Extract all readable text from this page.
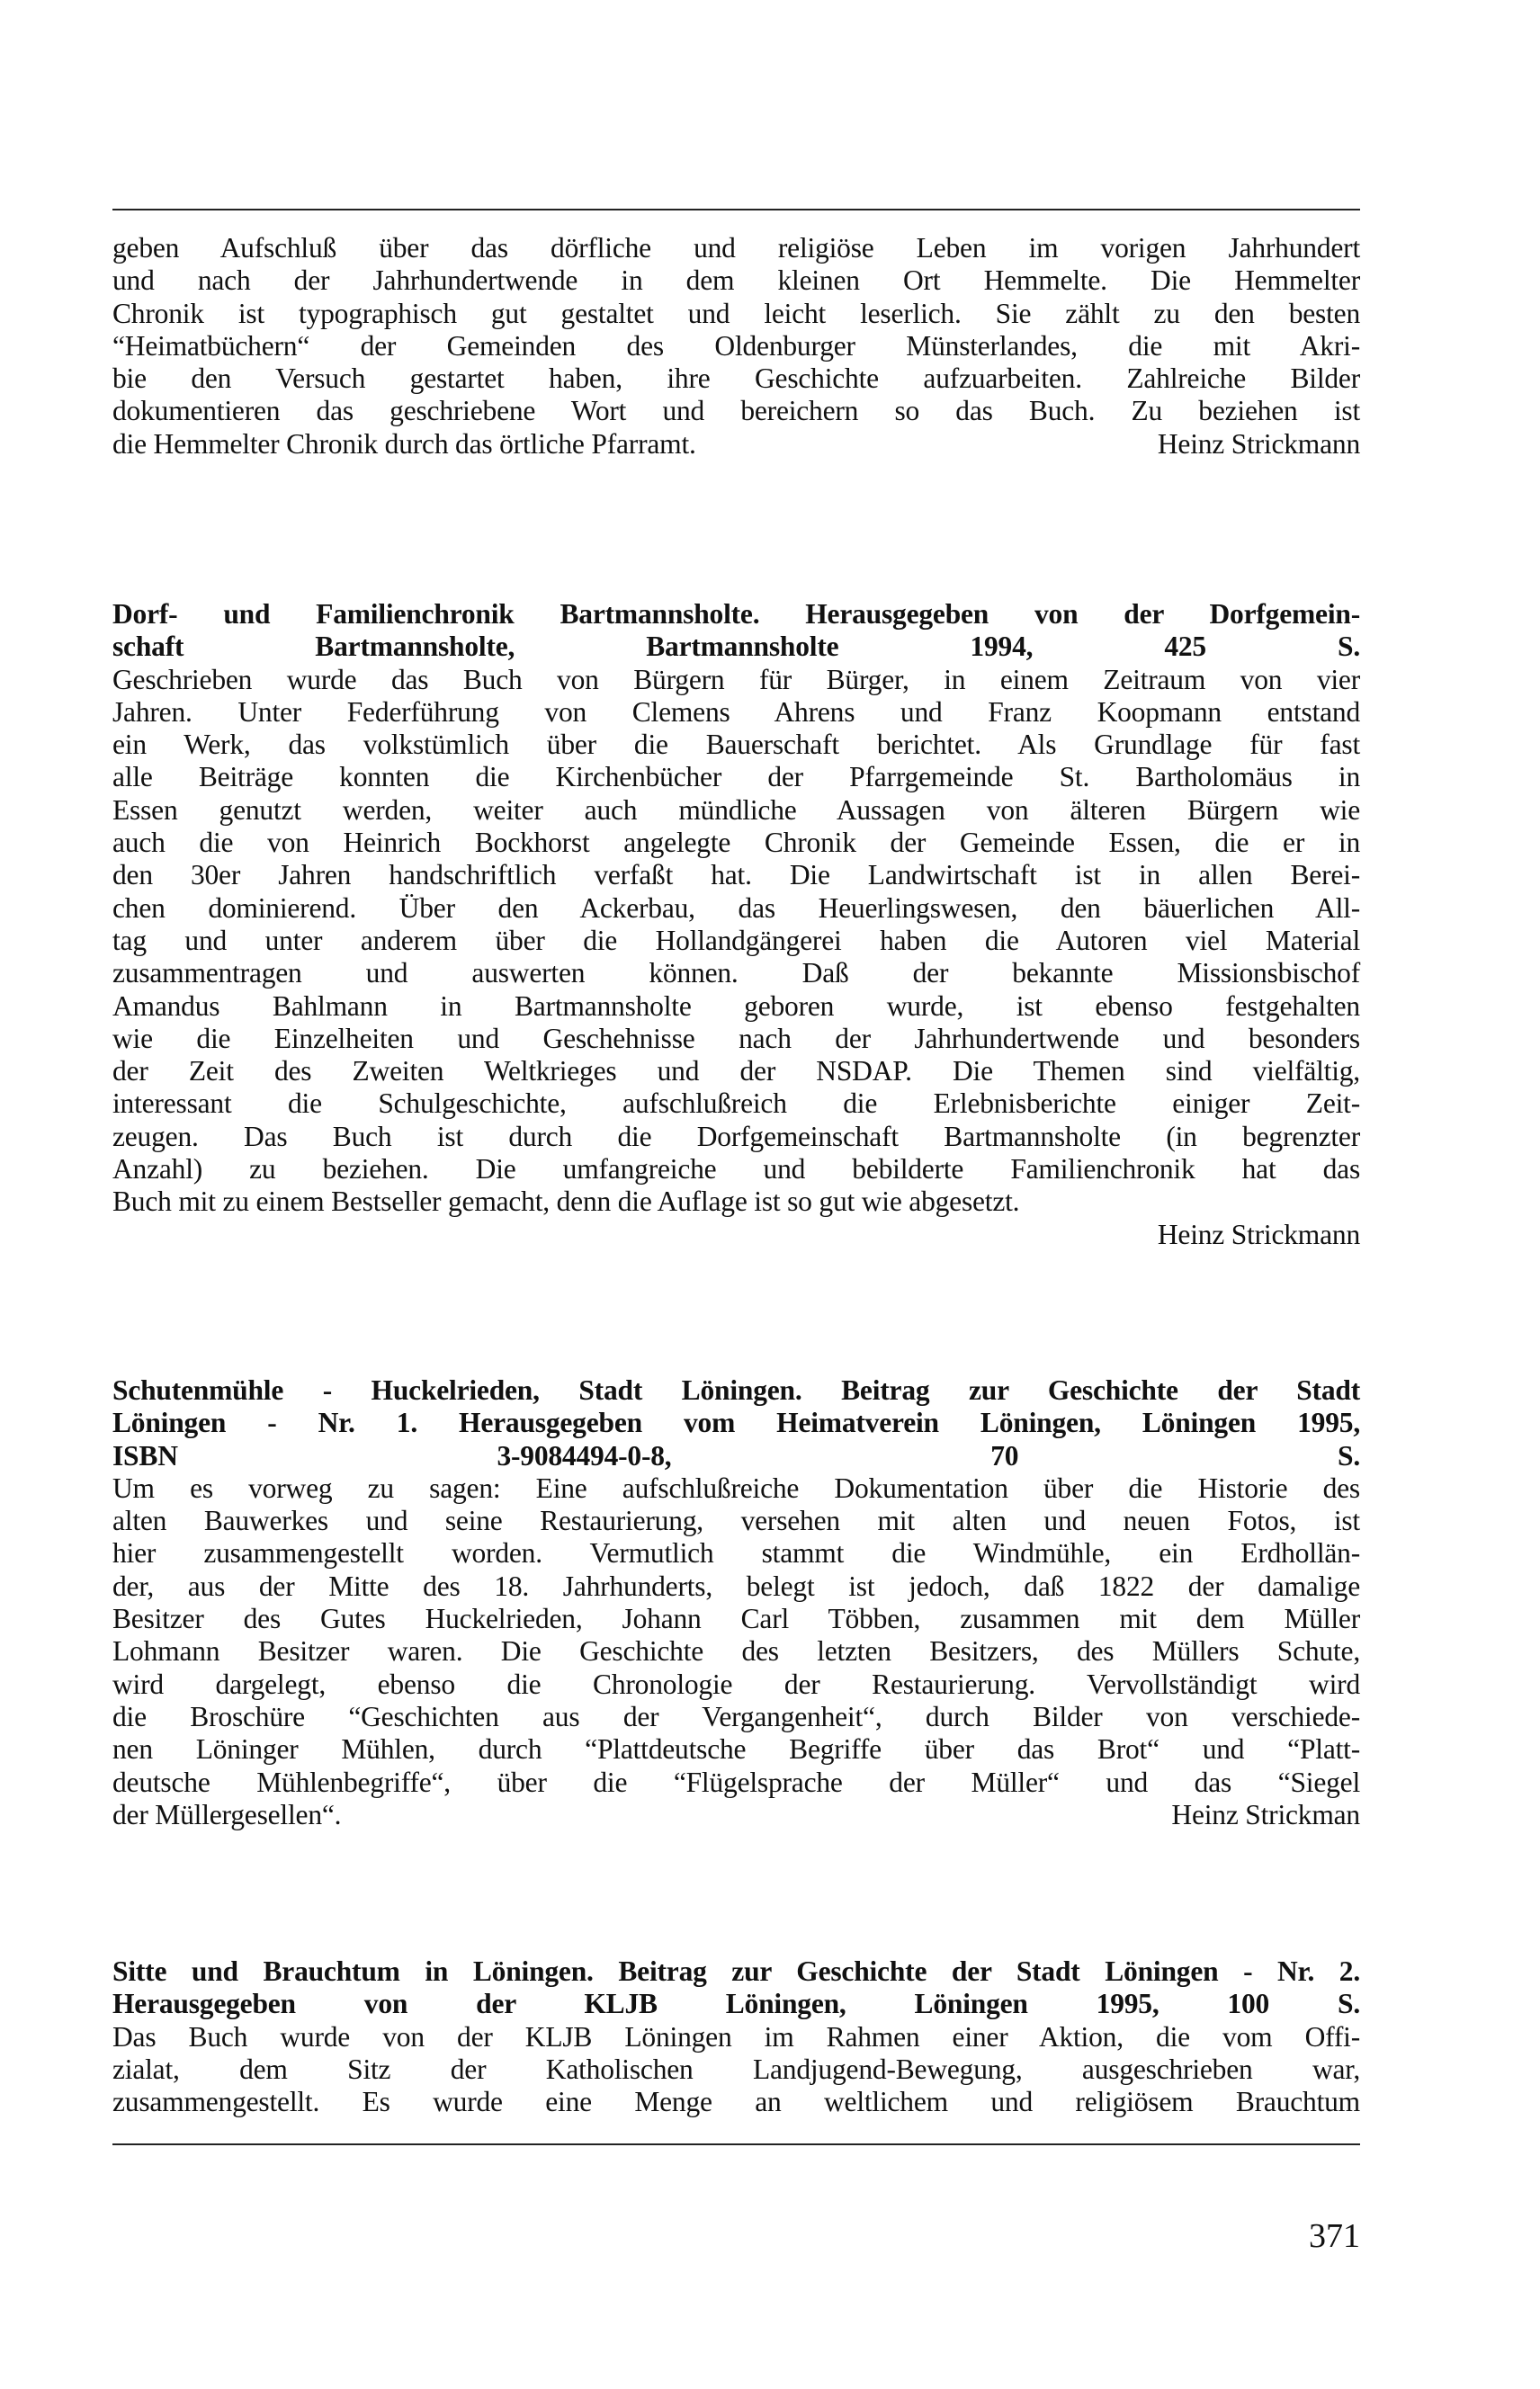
geben Aufschluß über das dörfliche und religiöse Leben im vorigen Jahrhundert
und nach der Jahrhundertwende in dem kleinen Ort Hemmelte. Die Hemmelter
Chronik ist typographisch gut gestaltet und leicht leserlich. Sie zählt zu den besten
“Heimatbüchern“ der Gemeinden des Oldenburger Münsterlandes, die mit Akri-
bie den Versuch gestartet haben, ihre Geschichte aufzuarbeiten. Zahlreiche Bilder
dokumentieren das geschriebene Wort und bereichern so das Buch. Zu beziehen ist
die Hemmelter Chronik durch das örtliche Pfarramt.	Heinz Strickmann
Dorf- und Familienchronik Bartmannsholte. Herausgegeben von der Dorfgemein-
schaft Bartmannsholte, Bartmannsholte 1994, 425 S.
Geschrieben wurde das Buch von Bürgern für Bürger, in einem Zeitraum von vier
Jahren. Unter Federführung von Clemens Ahrens und Franz Koopmann entstand
ein Werk, das volkstümlich über die Bauerschaft berichtet. Als Grundlage für fast
alle Beiträge konnten die Kirchenbücher der Pfarrgemeinde St. Bartholomäus in
Essen genutzt werden, weiter auch mündliche Aussagen von älteren Bürgern wie
auch die von Heinrich Bockhorst angelegte Chronik der Gemeinde Essen, die er in
den 30er Jahren handschriftlich verfaßt hat. Die Landwirtschaft ist in allen Berei-
chen dominierend. Über den Ackerbau, das Heuerlingswesen, den bäuerlichen All-
tag und unter anderem über die Hollandgängerei haben die Autoren viel Material
zusammentragen und auswerten können. Daß der bekannte Missionsbischof
Amandus Bahlmann in Bartmannsholte geboren wurde, ist ebenso festgehalten
wie die Einzelheiten und Geschehnisse nach der Jahrhundertwende und besonders
der Zeit des Zweiten Weltkrieges und der NSDAP. Die Themen sind vielfältig,
interessant die Schulgeschichte, aufschlußreich die Erlebnisberichte einiger Zeit-
zeugen. Das Buch ist durch die Dorfgemeinschaft Bartmannsholte (in begrenzter
Anzahl) zu beziehen. Die umfangreiche und bebilderte Familienchronik hat das
Buch mit zu einem Bestseller gemacht, denn die Auflage ist so gut wie abgesetzt.
Heinz Strickmann
Schutenmühle - Huckelrieden, Stadt Löningen. Beitrag zur Geschichte der Stadt
Löningen - Nr. 1. Herausgegeben vom Heimatverein Löningen, Löningen 1995,
ISBN 3-9084494-0-8, 70 S.
Um es vorweg zu sagen: Eine aufschlußreiche Dokumentation über die Historie des
alten Bauwerkes und seine Restaurierung, versehen mit alten und neuen Fotos, ist
hier zusammengestellt worden. Vermutlich stammt die Windmühle, ein Erdhollän-
der, aus der Mitte des 18. Jahrhunderts, belegt ist jedoch, daß 1822 der damalige
Besitzer des Gutes Huckelrieden, Johann Carl Többen, zusammen mit dem Müller
Lohmann Besitzer waren. Die Geschichte des letzten Besitzers, des Müllers Schute,
wird dargelegt, ebenso die Chronologie der Restaurierung. Vervollständigt wird
die Broschüre “Geschichten aus der Vergangenheit“, durch Bilder von verschiede-
nen Löninger Mühlen, durch “Plattdeutsche Begriffe über das Brot“ und “Platt-
deutsche Mühlenbegriffe“, über die “Flügelsprache der Müller“ und das “Siegel
der Müllergesellen“.	Heinz Strickman
Sitte und Brauchtum in Löningen. Beitrag zur Geschichte der Stadt Löningen - Nr. 2.
Herausgegeben von der KLJB Löningen, Löningen 1995, 100 S.
Das Buch wurde von der KLJB Löningen im Rahmen einer Aktion, die vom Offi-
zialat, dem Sitz der Katholischen Landjugend-Bewegung, ausgeschrieben war,
zusammengestellt. Es wurde eine Menge an weltlichem und religiösem Brauchtum
371
